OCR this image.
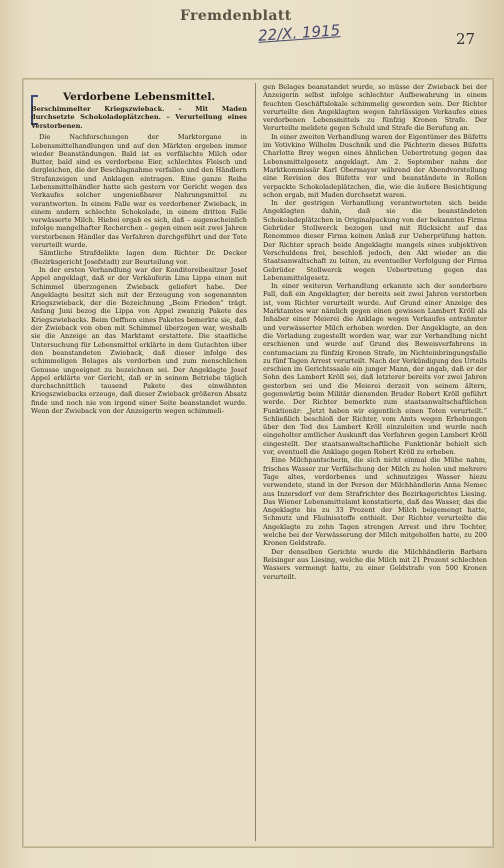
Fremdenblatt
22/X. 1915	27
Verdorbene Lebensmittel.
Berschimmelter Kriegszwieback. – Mit Maden durchsetzte Schokoladeplätzchen. – Verurteilung eines Verstorbenen.

Die Nachforschungen der Marktorgane in Lebensmittelhandlungen und auf den Märkten ergeben immer wieder Beanständungen. Bald ist es verfälschte Milch oder Butter, bald sind es verdorbene Eier, schlechtes Fleisch und dergleichen, die der Beschlagnahme verfallen und den Händlern Strafanzeigen und Anklagen eintragen. Eine ganze Reihe Lebensmittelhändler hatte sich gestern vor Gericht wegen des Verkaufes solcher ungenießbarer Nahrungsmittel zu verantworten. In einem Falle war es verdorbener Zwieback, in einem andern schlechte Schokolade, in einem dritten Falle verwässerte Milch. Hiebei ergab es sich, daß – augenscheinlich infolge mangelhafter Recherchen – gegen einen seit zwei Jahren verstorbenen Händler das Verfahren durchgeführt und der Tote verurteilt wurde.

Sämtliche Strafdelikte lagen dem Richter Dr. Decker (Bezirksgericht Josefstadt) zur Beurteilung vor.

In der ersten Verhandlung war der Konditoreibesitzer Josef Appel angeklagt, daß er der Verkäuferin Lina Lippa einen mit Schimmel überzogenen Zwieback geliefert habe. Der Angeklagte besitzt sich mit der Erzeugung von sogenannten Kriegszwieback, der die Bezeichnung „Beim Frieden“ trägt. Anfang Juni bezog die Lippa von Appel zwanzig Pakete des Kriegszwiebacks. Beim Oeffnen eines Paketes bemerkte sie, daß der Zwieback von oben mit Schimmel überzogen war, weshalb sie die Anzeige an das Marktamt erstattete. Die staatliche Untersuchung für Lebensmittel erklärte in dem Gutachten über den beanstandeten Zwieback, daß dieser infolge des schimmeligen Belages als verdorben und zum menschlichen Genusse ungeeignet zu bezeichnen sei. Der Angeklagte Josef Appel erklärte vor Gericht, daß er in seinem Betriebe täglich durchschnittlich tausend Pakete des einwähnten Kriegszwiebacks erzeuge, daß dieser Zwieback größeren Absatz finde und noch nie von irgend einer Seite beanstandet wurde. Wenn der Zwieback von der Anzeigerin wegen schimmeli-

gen Belages beanstandet wurde, so müsse der Zwieback bei der Anzeigerin selbst infolge schlechter Aufbewahrung in einem feuchten Geschäftslokale schimmelig geworden sein. Der Richter verurteilte den Angeklagten wegen fahrlässigen Verkaufes eines verdorbenen Lebensmittels zu fünfzig Kronen Strafe. Der Verurteilte meldete gegen Schuld und Strafe die Berufung an.

In einer zweiten Verhandlung waren der Eigentümer des Büfetts im Votivkino Wilhelm Duschnik und die Pächterin dieses Büfetts Charlotte Brey wegen eines ähnlichen Uebertretung gegen das Lebensmittelgesetz angeklagt. Am 2. September nahm der Marktkommissär Karl Obermayer während der Abendvorstellung eine Revision des Büfetts vor und beanständete in Rollen verpackte Schokoladeplätzchen, die, wie die äußere Besichtigung schon ergab, mit Maden durchsetzt waren.

In der gestrigen Verhandlung verantworteten sich beide Angeklagten dahin, daß sie die beanständeten Schokoladeplätzchen in Originalpackung von der bekannten Firma Gebrüder Stollwerck bezogen und mit Rücksicht auf das Renommee dieser Firma keinen Anlaß zur Ueberprüfung hatten. Der Richter sprach beide Angeklagte mangels eines subjektiven Verschuldens frei, beschloß jedoch, den Akt wieder an die Staatsanwaltschaft zu leiten, zu eventueller Verfolgung der Firma Gebrüder Stollwerck wegen Uebertretung gegen das Lebensmittelgesetz.

In einer weiteren Verhandlung erkannte sich der sonderbare Fall, daß ein Angeklagter, der bereits seit zwei Jahren verstorben ist, vom Richter verurteilt wurde. Auf Grund einer Anzeige des Marktamtes war nämlich gegen einen gewissen Lambert Kröll als Inhaber einer Meierei die Anklage wegen Verkaufes entrahmter und verwässerter Milch erhoben worden. Der Angeklagte, an den die Vorladung zugestellt worden war, war zur Verhandlung nicht erschienen und wurde auf Grund des Beweisverfahrens in contumaciam zu fünfzig Kronen Strafe, im Nichteinbringungsfalle zu fünf Tagen Arrest verurteilt. Nach der Verkündigung des Urteils erschien im Gerichtssaale ein junger Mann, der angab, daß er der Sohn des Lambert Kröll sei, daß letzterer bereits vor zwei Jahren gestorben sei und die Meierei derzeit von seinem ältern, gegenwärtig beim Militär dienenden Bruder Robert Kröll geführt werde. Der Richter bemerkte zum staatsanwaltschaftlichen Funktionär: „Jetzt haben wir eigentlich einen Toten verurteilt.“ Schließlich beschloß der Richter, vom Amts wegen Erhebungen über den Tod des Lambert Kröll einzuleiten und wurde nach eingeholter amtlicher Auskunft das Verfahren gegen Lambert Kröll eingestellt. Der staatsanwaltschaftliche Funktionär behielt sich vor, eventuell die Anklage gegen Robert Kröll zu erheben.

Eine Milchpantscherin, die sich nicht einmal die Mühe nahm, frisches Wasser zur Verfälschung der Milch zu holen und mehrere Tage altes, verdorbenes und schmutziges Wasser hiezu verwendete, stand in der Person der Milchhändlerin Anna Nemec aus Inzersdorf vor dem Strafrichter des Bezirksgerichtes Liesing. Das Wiener Lebensmittelamt konstatierte, daß das Wasser, das die Angeklagte bis zu 33 Prozent der Milch beigemengt hatte, Schmutz und Fäulnisstoffe enthielt. Der Richter verurteilte die Angeklagte zu zehn Tagen strengen Arrest und ihre Tochter, welche bei der Verwässerung der Milch mitgeholfen hatte, zu 200 Kronen Geldstrafe.

Der denselben Gerichte wurde die Milchhändlerin Barbara Reisinger aus Liesing, welche die Milch mit 21 Prozent schlechten Wassers vermengt hatte, zu einer Geldstrafe von 500 Kronen verurteilt.
